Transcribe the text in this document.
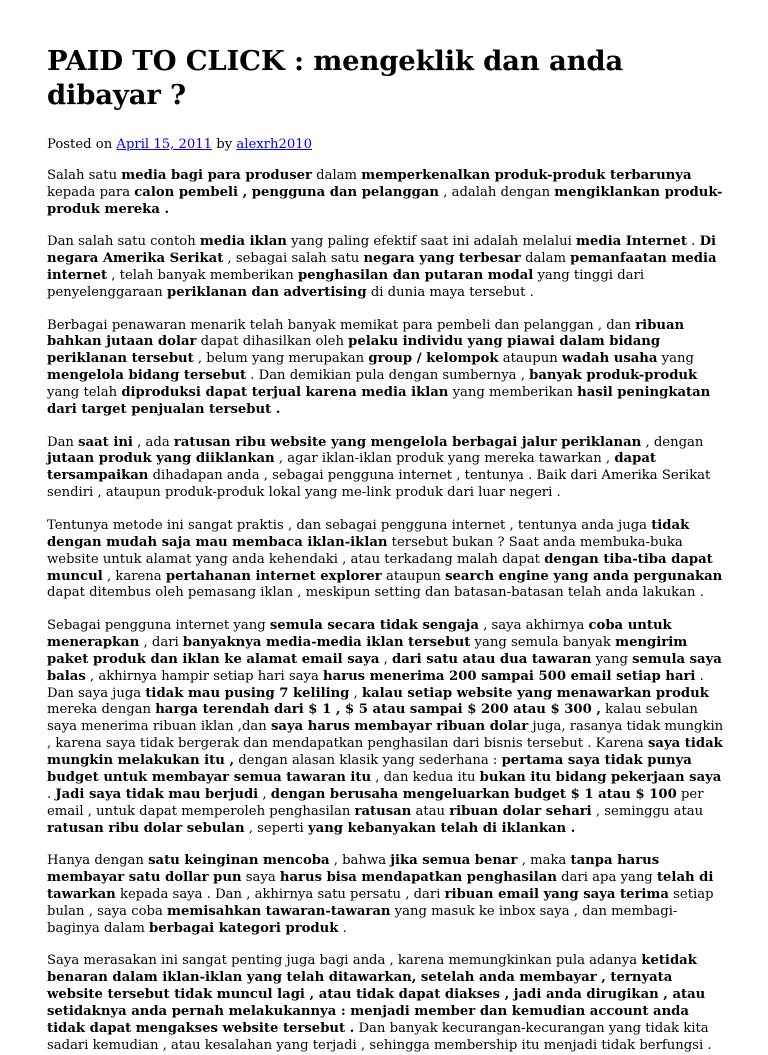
PAID TO CLICK : mengeklik dan anda dibayar ?
Posted on April 15, 2011 by alexrh2010

Salah satu media bagi para produser dalam memperkenalkan produk-produk terbarunya kepada para calon pembeli , pengguna dan pelanggan , adalah dengan mengiklankan produk-produk mereka .

Dan salah satu contoh media iklan yang paling efektif saat ini adalah melalui media Internet . Di negara Amerika Serikat , sebagai salah satu negara yang terbesar dalam pemanfaatan media internet , telah banyak memberikan penghasilan dan putaran modal yang tinggi dari penyelenggaraan periklanan dan advertising di dunia maya tersebut .

Berbagai penawaran menarik telah banyak memikat para pembeli dan pelanggan , dan ribuan bahkan jutaan dolar dapat dihasilkan oleh pelaku individu yang piawai dalam bidang periklanan tersebut , belum yang merupakan group / kelompok ataupun wadah usaha yang mengelola bidang tersebut . Dan demikian pula dengan sumbernya , banyak produk-produk yang telah diproduksi dapat terjual karena media iklan yang memberikan hasil peningkatan dari target penjualan tersebut .

Dan saat ini , ada ratusan ribu website yang mengelola berbagai jalur periklanan , dengan jutaan produk yang diiklankan , agar iklan-iklan produk yang mereka tawarkan , dapat tersampaikan dihadapan anda , sebagai pengguna internet , tentunya . Baik dari Amerika Serikat sendiri , ataupun produk-produk lokal yang me-link produk dari luar negeri .

Tentunya metode ini sangat praktis , dan sebagai pengguna internet , tentunya anda juga tidak dengan mudah saja mau membaca iklan-iklan tersebut bukan ? Saat anda membuka-buka website untuk alamat yang anda kehendaki , atau terkadang malah dapat dengan tiba-tiba dapat muncul , karena pertahanan internet explorer ataupun search engine yang anda pergunakan dapat ditembus oleh pemasang iklan , meskipun setting dan batasan-batasan telah anda lakukan .

Sebagai pengguna internet yang semula secara tidak sengaja , saya akhirnya coba untuk menerapkan , dari banyaknya media-media iklan tersebut yang semula banyak mengirim paket produk dan iklan ke alamat email saya , dari satu atau dua tawaran yang semula saya balas , akhirnya hampir setiap hari saya harus menerima 200 sampai 500 email setiap hari . Dan saya juga tidak mau pusing 7 keliling , kalau setiap website yang menawarkan produk mereka dengan harga terendah dari $ 1 , $ 5 atau sampai $ 200 atau $ 300 , kalau sebulan saya menerima ribuan iklan ,dan saya harus membayar ribuan dolar juga, rasanya tidak mungkin , karena saya tidak bergerak dan mendapatkan penghasilan dari bisnis tersebut . Karena saya tidak mungkin melakukan itu , dengan alasan klasik yang sederhana : pertama saya tidak punya budget untuk membayar semua tawaran itu , dan kedua itu bukan itu bidang pekerjaan saya . Jadi saya tidak mau berjudi , dengan berusaha mengeluarkan budget $ 1 atau $ 100 per email , untuk dapat memperoleh penghasilan ratusan atau ribuan dolar sehari , seminggu atau ratusan ribu dolar sebulan , seperti yang kebanyakan telah di iklankan .

Hanya dengan satu keinginan mencoba , bahwa jika semua benar , maka tanpa harus membayar satu dollar pun saya harus bisa mendapatkan penghasilan dari apa yang telah di tawarkan kepada saya . Dan , akhirnya satu persatu , dari ribuan email yang saya terima setiap bulan , saya coba memisahkan tawaran-tawaran yang masuk ke inbox saya , dan membagi-baginya dalam berbagai kategori produk .

Saya merasakan ini sangat penting juga bagi anda , karena memungkinkan pula adanya ketidak benaran dalam iklan-iklan yang telah ditawarkan, setelah anda membayar , ternyata website tersebut tidak muncul lagi , atau tidak dapat diakses , jadi anda dirugikan , atau setidaknya anda pernah melakukannya : menjadi member dan kemudian account anda tidak dapat mengakses website tersebut . Dan banyak kecurangan-kecurangan yang tidak kita sadari kemudian , atau kesalahan yang terjadi , sehingga membership itu menjadi tidak berfungsi .
